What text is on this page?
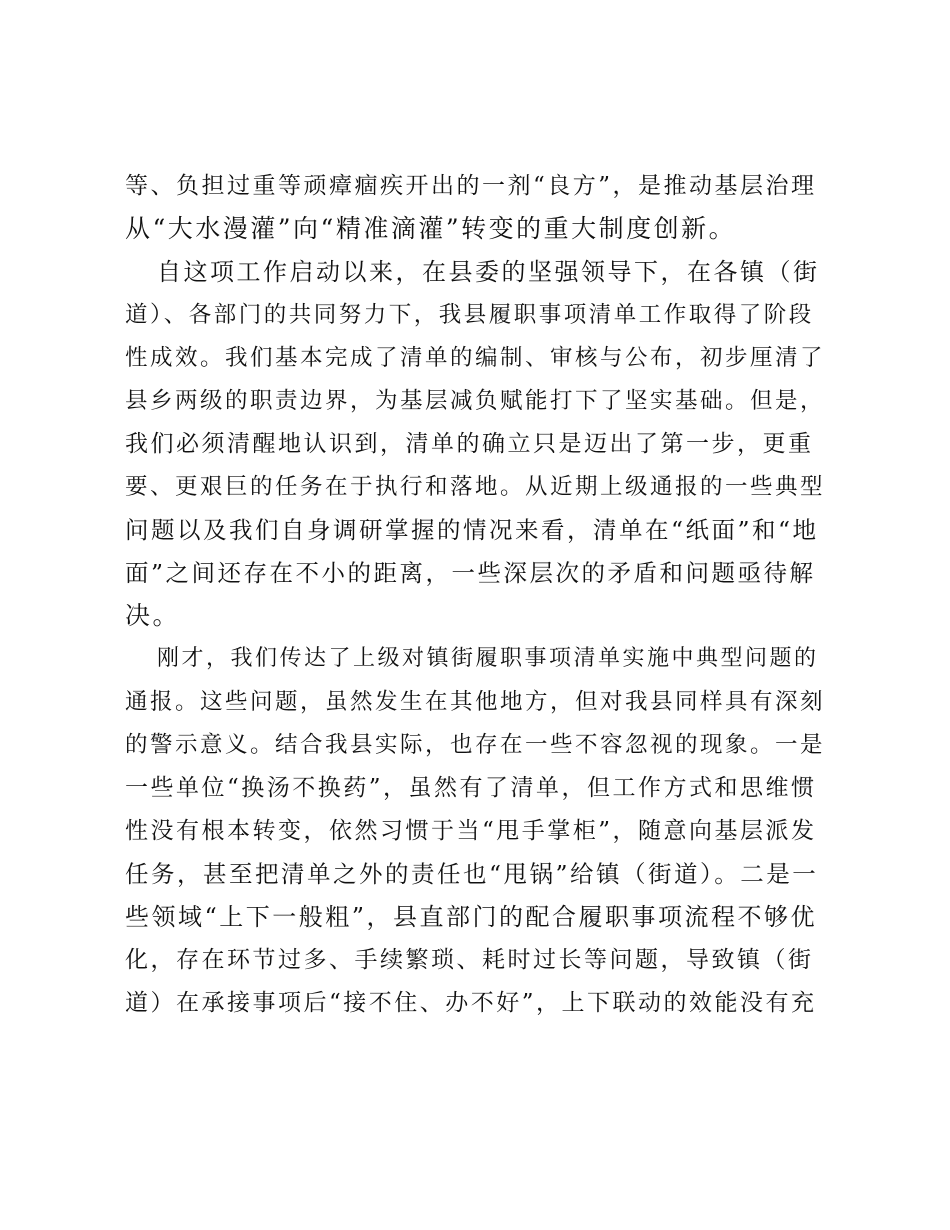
等、负担过重等顽瘴痼疾开出的一剂“良方”，是推动基层治理
从“大水漫灌”向“精准滴灌”转变的重大制度创新。
自这项工作启动以来，在县委的坚强领导下，在各镇（街
道）、各部门的共同努力下，我县履职事项清单工作取得了阶段
性成效。我们基本完成了清单的编制、审核与公布，初步厘清了
县乡两级的职责边界，为基层减负赋能打下了坚实基础。但是，
我们必须清醒地认识到，清单的确立只是迈出了第一步，更重
要、更艰巨的任务在于执行和落地。从近期上级通报的一些典型
问题以及我们自身调研掌握的情况来看，清单在“纸面”和“地
面”之间还存在不小的距离，一些深层次的矛盾和问题亟待解
决。
刚才，我们传达了上级对镇街履职事项清单实施中典型问题的
通报。这些问题，虽然发生在其他地方，但对我县同样具有深刻
的警示意义。结合我县实际，也存在一些不容忽视的现象。一是
一些单位“换汤不换药”，虽然有了清单，但工作方式和思维惯
性没有根本转变，依然习惯于当“甩手掌柜”，随意向基层派发
任务，甚至把清单之外的责任也“甩锅”给镇（街道）。二是一
些领域“上下一般粗”，县直部门的配合履职事项流程不够优
化，存在环节过多、手续繁琐、耗时过长等问题，导致镇（街
道）在承接事项后“接不住、办不好”，上下联动的效能没有充
